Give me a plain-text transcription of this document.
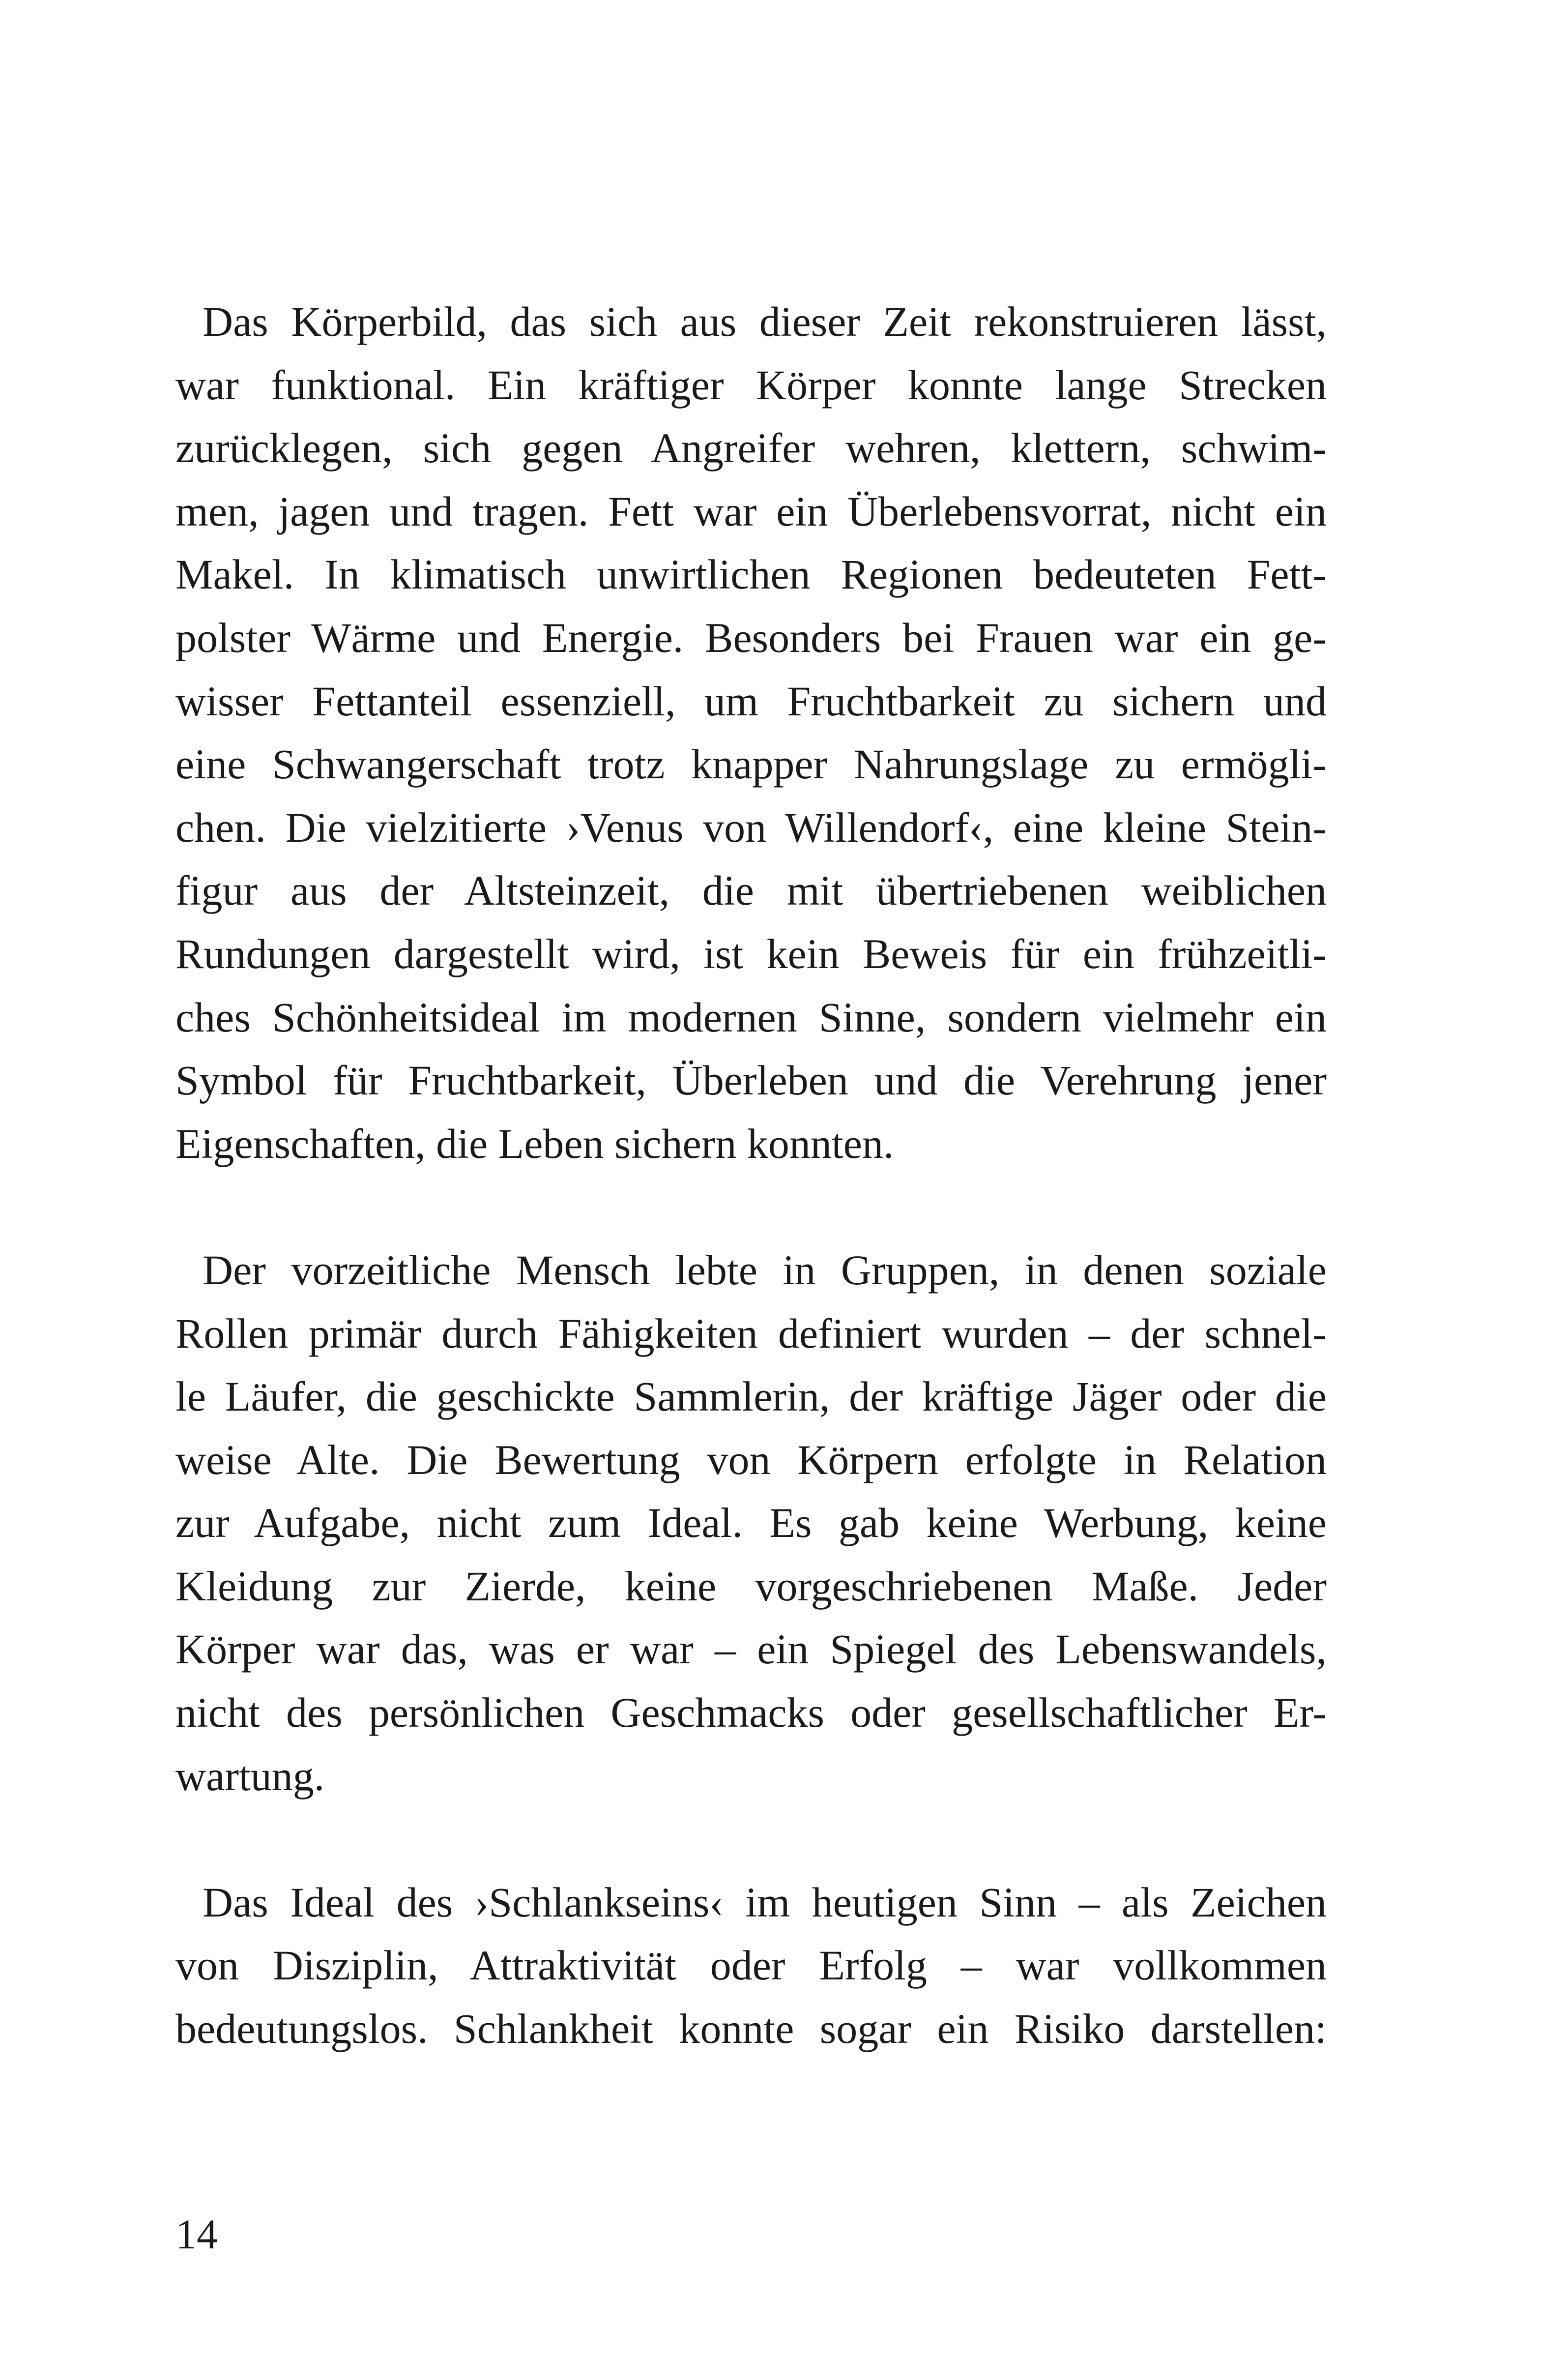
Das Körperbild, das sich aus dieser Zeit rekonstruieren lässt,
war funktional. Ein kräftiger Körper konnte lange Strecken
zurücklegen, sich gegen Angreifer wehren, klettern, schwim-
men, jagen und tragen. Fett war ein Überlebensvorrat, nicht ein
Makel. In klimatisch unwirtlichen Regionen bedeuteten Fett-
polster Wärme und Energie. Besonders bei Frauen war ein ge-
wisser Fettanteil essenziell, um Fruchtbarkeit zu sichern und
eine Schwangerschaft trotz knapper Nahrungslage zu ermögli-
chen. Die vielzitierte ›Venus von Willendorf‹, eine kleine Stein-
figur aus der Altsteinzeit, die mit übertriebenen weiblichen
Rundungen dargestellt wird, ist kein Beweis für ein frühzeitli-
ches Schönheitsideal im modernen Sinne, sondern vielmehr ein
Symbol für Fruchtbarkeit, Überleben und die Verehrung jener
Eigenschaften, die Leben sichern konnten.
Der vorzeitliche Mensch lebte in Gruppen, in denen soziale
Rollen primär durch Fähigkeiten definiert wurden – der schnel-
le Läufer, die geschickte Sammlerin, der kräftige Jäger oder die
weise Alte. Die Bewertung von Körpern erfolgte in Relation
zur Aufgabe, nicht zum Ideal. Es gab keine Werbung, keine
Kleidung zur Zierde, keine vorgeschriebenen Maße. Jeder
Körper war das, was er war – ein Spiegel des Lebenswandels,
nicht des persönlichen Geschmacks oder gesellschaftlicher Er-
wartung.
Das Ideal des ›Schlankseins‹ im heutigen Sinn – als Zeichen
von Disziplin, Attraktivität oder Erfolg – war vollkommen
bedeutungslos. Schlankheit konnte sogar ein Risiko darstellen:
14
